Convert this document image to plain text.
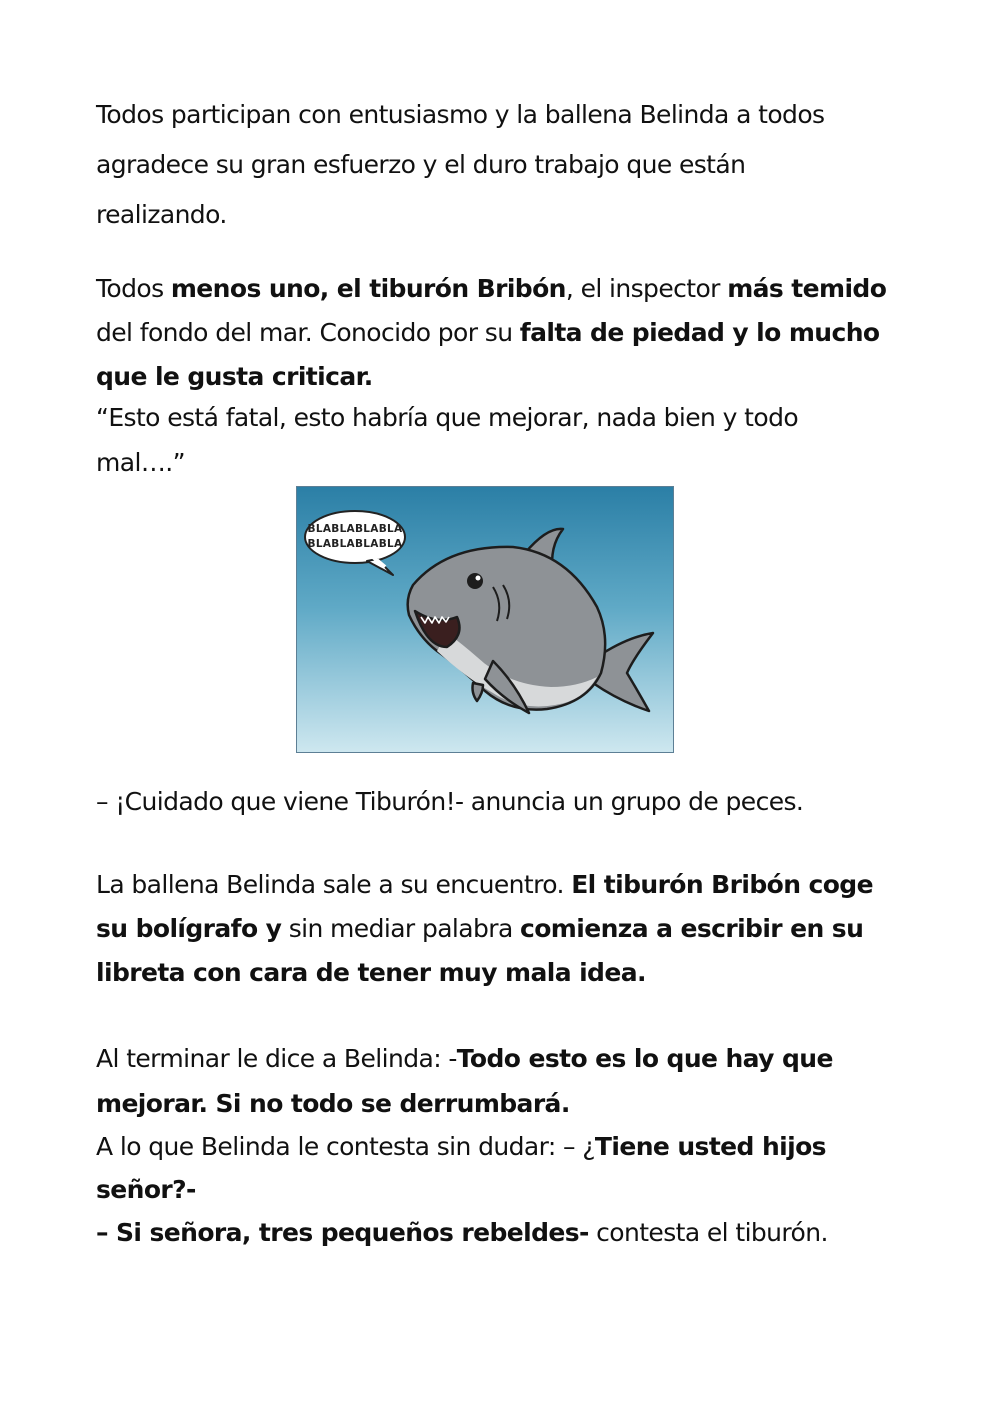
Todos participan con entusiasmo y la ballena Belinda a todos
agradece su gran esfuerzo y el duro trabajo que están
realizando.
Todos menos uno, el tiburón Bribón, el inspector más temido
del fondo del mar. Conocido por su falta de piedad y lo mucho
que le gusta criticar.
“Esto está fatal, esto habría que mejorar, nada bien y todo
mal….”
BLABLABLABLA
BLABLABLABLA
– ¡Cuidado que viene Tiburón!- anuncia un grupo de peces.
La ballena Belinda sale a su encuentro. El tiburón Bribón coge
su bolígrafo y sin mediar palabra comienza a escribir en su
libreta con cara de tener muy mala idea.
Al terminar le dice a Belinda: -Todo esto es lo que hay que
mejorar. Si no todo se derrumbará.
A lo que Belinda le contesta sin dudar: – ¿Tiene usted hijos
señor?-
– Si señora, tres pequeños rebeldes- contesta el tiburón.
